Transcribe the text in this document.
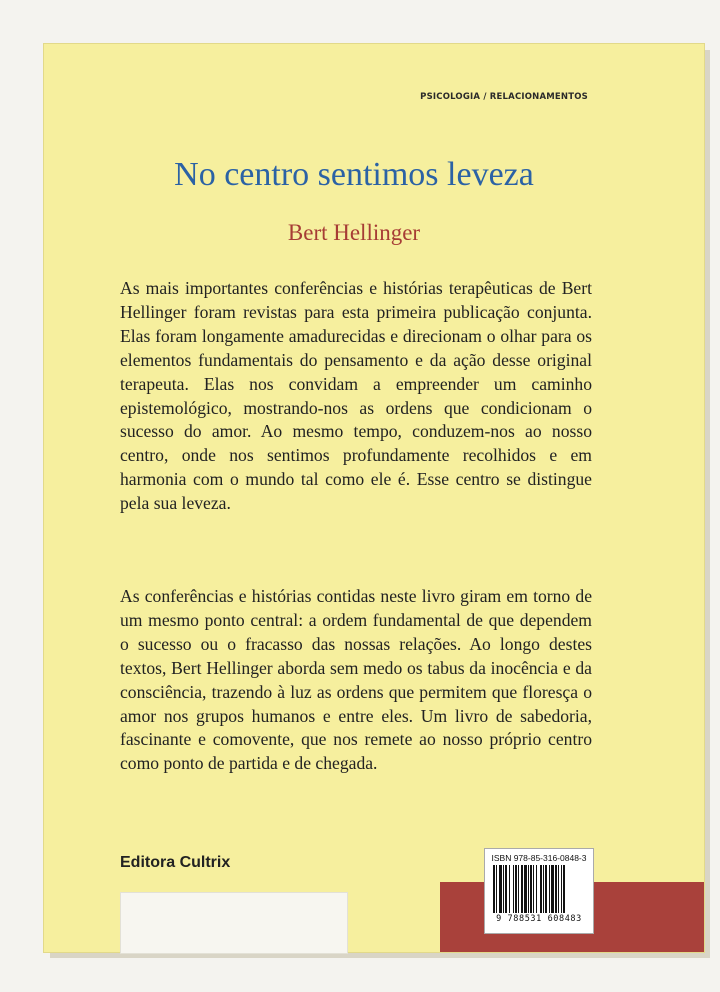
PSICOLOGIA / RELACIONAMENTOS
No centro sentimos leveza
Bert Hellinger

As mais importantes conferências e histórias terapêuticas de Bert Hellinger foram revistas para esta primeira publicação conjunta. Elas foram longamente amadurecidas e direcionam o olhar para os elementos fundamentais do pensamento e da ação desse original terapeuta. Elas nos convidam a empreender um caminho epistemológico, mostrando-nos as ordens que condicionam o sucesso do amor. Ao mesmo tempo, conduzem-nos ao nosso centro, onde nos sentimos profundamente recolhidos e em harmonia com o mundo tal como ele é. Esse centro se distingue pela sua leveza.

As conferências e histórias contidas neste livro giram em torno de um mesmo ponto central: a ordem fundamental de que dependem o sucesso ou o fracasso das nossas relações. Ao longo destes textos, Bert Hellinger aborda sem medo os tabus da inocência e da consciência, trazendo à luz as ordens que permitem que floresça o amor nos grupos humanos e entre eles. Um livro de sabedoria, fascinante e comovente, que nos remete ao nosso próprio centro como ponto de partida e de chegada.

Editora Cultrix	ISBN 978-85-316-0848-3
9 788531 608483
